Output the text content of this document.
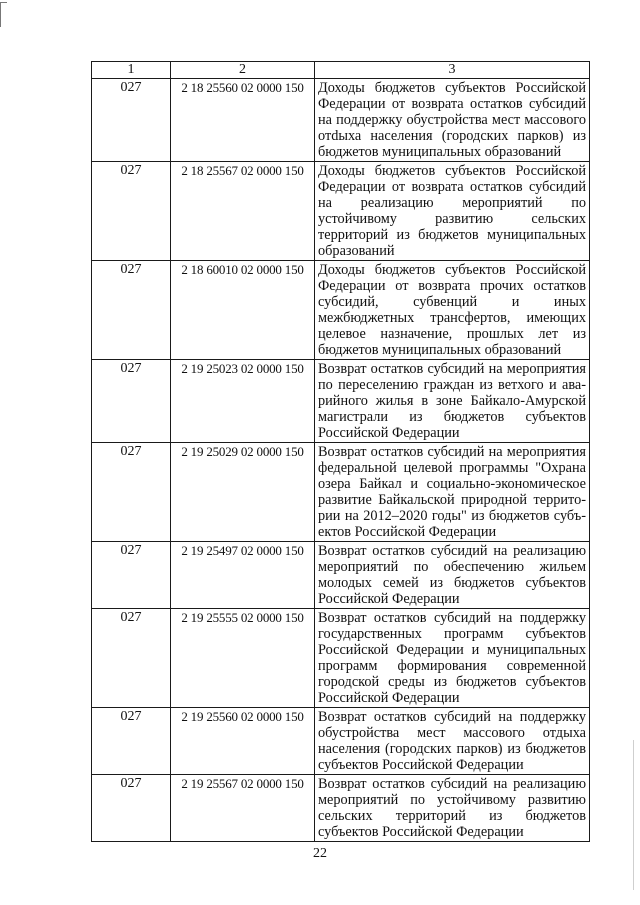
1	2	3
027	2 18 25560 02 0000 150	Доходы бюджетов субъектов Российской Федерации от возврата остатков субсидий на поддержку обустройства мест массового отdыха населения (городских парков) из бюджетов муниципальных образований
027	2 18 25567 02 0000 150	Доходы бюджетов субъектов Российской Федерации от возврата остатков субсидий на реализацию мероприятий по устойчивому развитию сельских территорий из бюджетов муниципальных образований
027	2 18 60010 02 0000 150	Доходы бюджетов субъектов Российской Федерации от возврата прочих остатков субсидий, субвенций и иных межбюджетных трансфертов, имеющих целевое назначение, прошлых лет из бюджетов муниципальных образований
027	2 19 25023 02 0000 150	Возврат остатков субсидий на мероприятия по переселению граждан из ветхого и аварийного жилья в зоне Байкало-Амурской магистрали из бюджетов субъектов Российской Федерации
027	2 19 25029 02 0000 150	Возврат остатков субсидий на мероприятия федеральной целевой программы "Охрана озера Байкал и социально-экономическое развитие Байкальской природной территории на 2012–2020 годы" из бюджетов субъектов Российской Федерации
027	2 19 25497 02 0000 150	Возврат остатков субсидий на реализацию мероприятий по обеспечению жильем молодых семей из бюджетов субъектов Российской Федерации
027	2 19 25555 02 0000 150	Возврат остатков субсидий на поддержку государственных программ субъектов Российской Федерации и муниципальных программ формирования современной городской среды из бюджетов субъектов Российской Федерации
027	2 19 25560 02 0000 150	Возврат остатков субсидий на поддержку обустройства мест массового отдыха населения (городских парков) из бюджетов субъектов Российской Федерации
027	2 19 25567 02 0000 150	Возврат остатков субсидий на реализацию мероприятий по устойчивому развитию сельских территорий из бюджетов субъектов Российской Федерации
22
